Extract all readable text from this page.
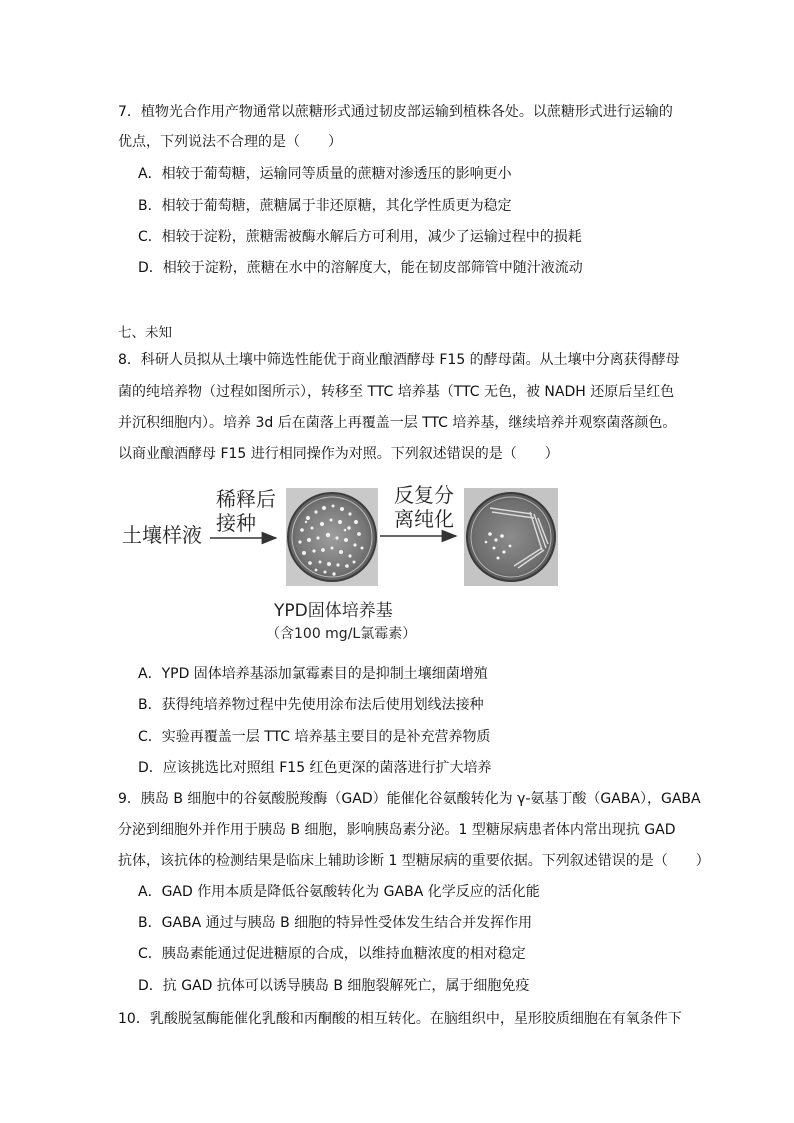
7．植物光合作用产物通常以蔗糖形式通过韧皮部运输到植株各处。以蔗糖形式进行运输的
优点，下列说法不合理的是（　　）
A．相较于葡萄糖，运输同等质量的蔗糖对渗透压的影响更小
B．相较于葡萄糖，蔗糖属于非还原糖，其化学性质更为稳定
C．相较于淀粉，蔗糖需被酶水解后方可利用，减少了运输过程中的损耗
D．相较于淀粉，蔗糖在水中的溶解度大，能在韧皮部筛管中随汁液流动
七、未知
8．科研人员拟从土壤中筛选性能优于商业酿酒酵母 F15 的酵母菌。从土壤中分离获得酵母
菌的纯培养物（过程如图所示），转移至 TTC 培养基（TTC 无色，被 NADH 还原后呈红色
并沉积细胞内）。培养 3d 后在菌落上再覆盖一层 TTC 培养基，继续培养并观察菌落颜色。
以商业酿酒酵母 F15 进行相同操作为对照。下列叙述错误的是（　　）
土壤样液
稀释后
接种
反复分
离纯化
YPD固体培养基
（含100 mg/L氯霉素）
A．YPD 固体培养基添加氯霉素目的是抑制土壤细菌增殖
B．获得纯培养物过程中先使用涂布法后使用划线法接种
C．实验再覆盖一层 TTC 培养基主要目的是补充营养物质
D．应该挑选比对照组 F15 红色更深的菌落进行扩大培养
9．胰岛 B 细胞中的谷氨酸脱羧酶（GAD）能催化谷氨酸转化为 γ-氨基丁酸（GABA），GABA
分泌到细胞外并作用于胰岛 B 细胞，影响胰岛素分泌。1 型糖尿病患者体内常出现抗 GAD
抗体，该抗体的检测结果是临床上辅助诊断 1 型糖尿病的重要依据。下列叙述错误的是（　　）
A．GAD 作用本质是降低谷氨酸转化为 GABA 化学反应的活化能
B．GABA 通过与胰岛 B 细胞的特异性受体发生结合并发挥作用
C．胰岛素能通过促进糖原的合成，以维持血糖浓度的相对稳定
D．抗 GAD 抗体可以诱导胰岛 B 细胞裂解死亡，属于细胞免疫
10．乳酸脱氢酶能催化乳酸和丙酮酸的相互转化。在脑组织中，星形胶质细胞在有氧条件下
